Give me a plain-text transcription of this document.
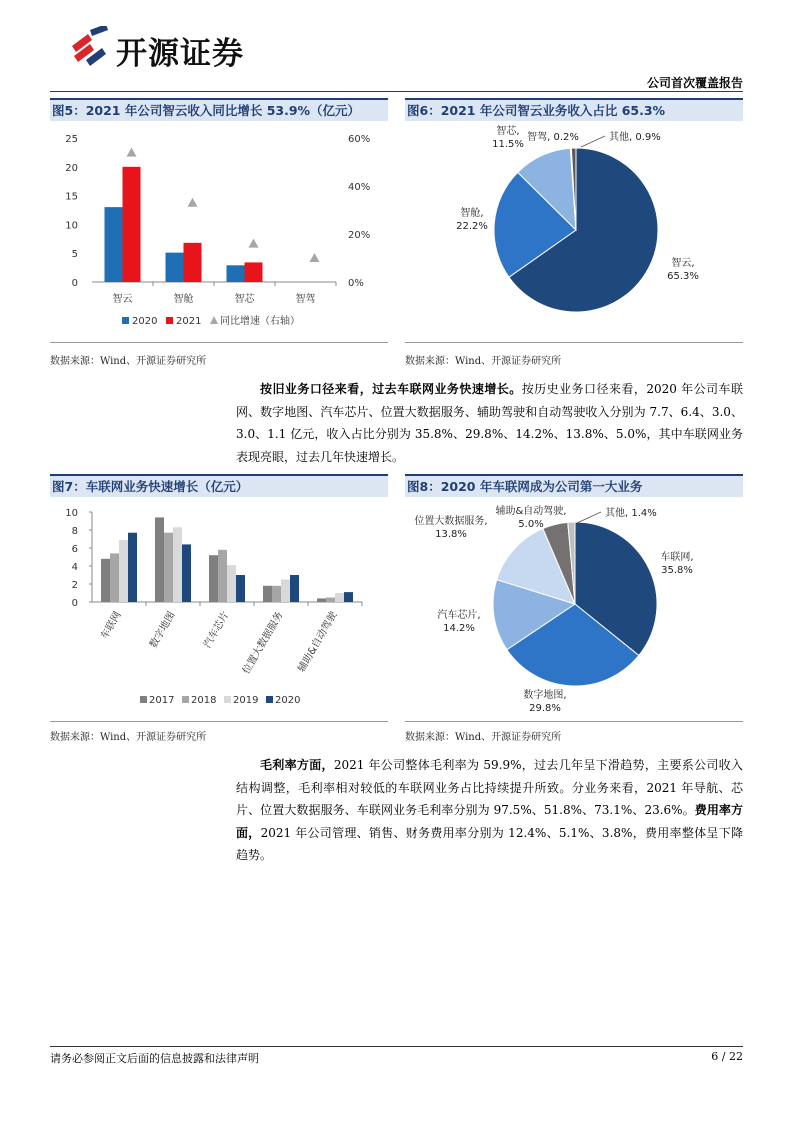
开源证券
公司首次覆盖报告
图5：2021 年公司智云收入同比增长 53.9%（亿元）
0
5
10
15
20
25
0%
20%
40%
60%
智云	智舱	智芯	智驾
2020 2021 同比增速（右轴）
数据来源：Wind、开源证券研究所
图6：2021 年公司智云业务收入占比 65.3%
智云, 65.3%
智舱, 22.2%
智芯, 11.5%
智驾, 0.2%	其他, 0.9%
数据来源：Wind、开源证券研究所
按旧业务口径来看，过去车联网业务快速增长。按历史业务口径来看，2020 年公司车联网、数字地图、汽车芯片、位置大数据服务、辅助驾驶和自动驾驶收入分别为 7.7、6.4、3.0、3.0、1.1 亿元，收入占比分别为 35.8%、29.8%、14.2%、13.8%、5.0%，其中车联网业务表现亮眼，过去几年快速增长。
图7：车联网业务快速增长（亿元）
0
2
4
6
8
10
车联网 数字地图 汽车芯片 位置大数据服务 辅助&自动驾驶
2017 2018 2019 2020
数据来源：Wind、开源证券研究所
图8：2020 年车联网成为公司第一大业务
车联网, 35.8%
数字地图, 29.8%
汽车芯片, 14.2%
位置大数据服务, 13.8%
辅助&自动驾驶, 5.0%
其他, 1.4%
数据来源：Wind、开源证券研究所
毛利率方面，2021 年公司整体毛利率为 59.9%，过去几年呈下滑趋势，主要系公司收入结构调整，毛利率相对较低的车联网业务占比持续提升所致。分业务来看，2021 年导航、芯片、位置大数据服务、车联网业务毛利率分别为 97.5%、51.8%、73.1%、23.6%。费用率方面，2021 年公司管理、销售、财务费用率分别为 12.4%、5.1%、3.8%，费用率整体呈下降趋势。
请务必参阅正文后面的信息披露和法律声明	6 / 22
